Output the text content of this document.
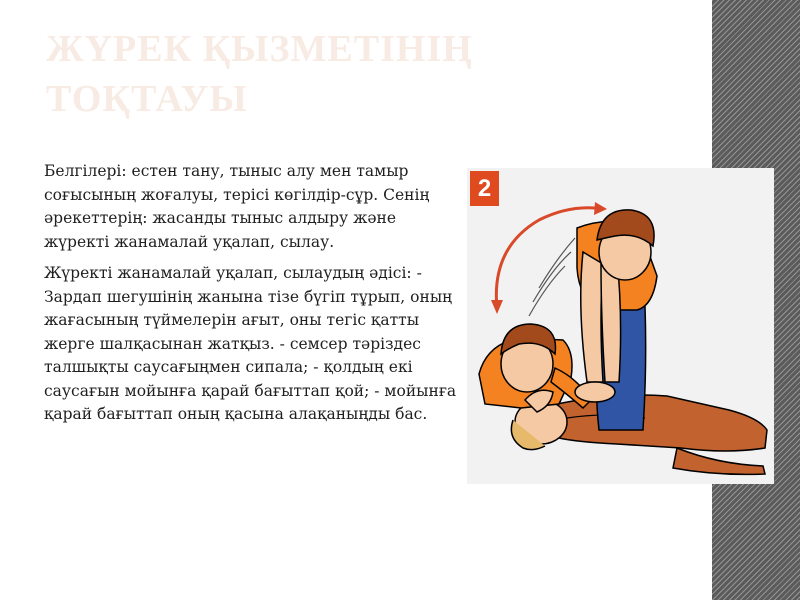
ЖҮРЕК ҚЫЗМЕТІНІҢ ТОҚТАУЫ

Белгілері: естен тану, тыныс алу мен тамыр соғысының жоғалуы, терісі көгілдір-сұр. Сенің әрекеттерің: жасанды тыныс алдыру және жүректі жанамалай уқалап, сылау.

Жүректі жанамалай уқалап, сылаудың әдісі: - Зардап шегушінің жанына тізе бүгіп тұрып, оның жағасының түймелерін ағыт, оны тегіс қатты жерге шалқасынан жатқыз. - семсер тәріздес талшықты саусағыңмен сипала; - қолдың екі саусағын мойынға қарай бағыттап қой; - мойынға қарай бағыттап оның қасына алақаныңды бас.

2
